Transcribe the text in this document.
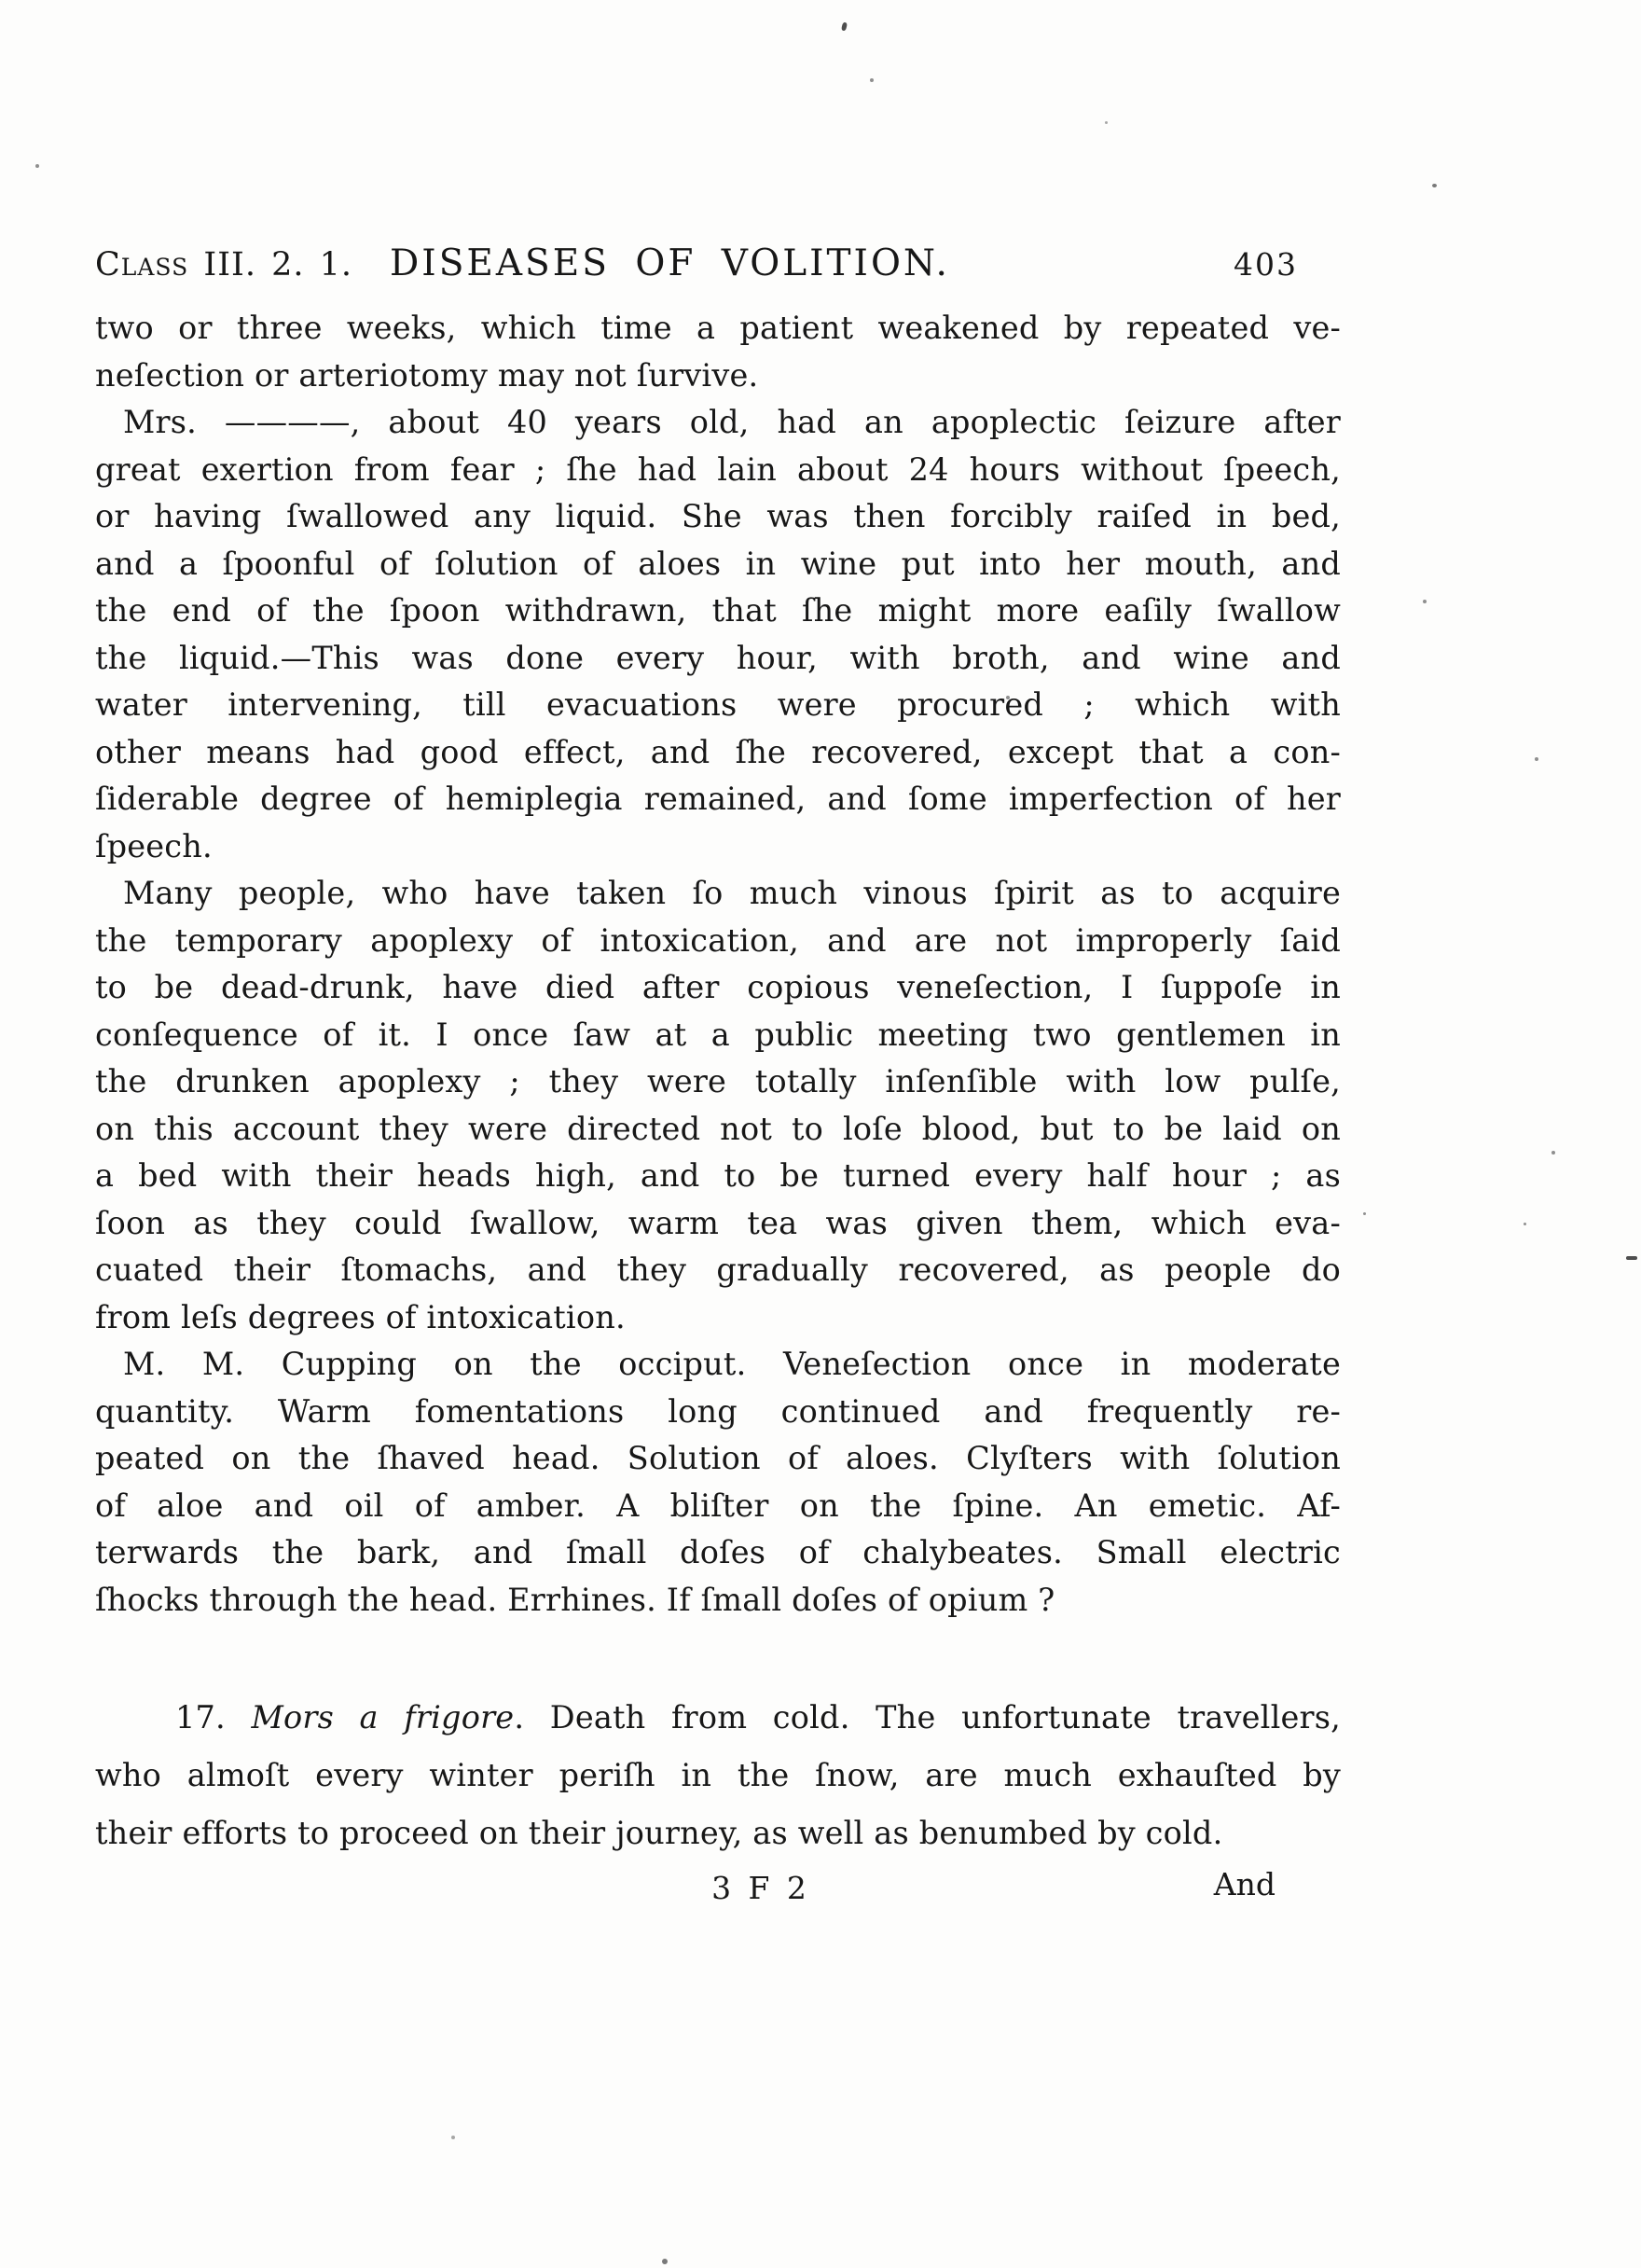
Class III. 2. 1. DISEASES OF VOLITION.	403
two or three weeks, which time a patient weakened by repeated ve-
neſection or arteriotomy may not ſurvive.
Mrs. ————, about 40 years old, had an apoplectic ſeizure after
great exertion from fear ; ſhe had lain about 24 hours without ſpeech,
or having ſwallowed any liquid. She was then forcibly raiſed in bed,
and a ſpoonful of ſolution of aloes in wine put into her mouth, and
the end of the ſpoon withdrawn, that ſhe might more eaſily ſwallow
the liquid.—This was done every hour, with broth, and wine and
water intervening, till evacuations were procured ; which with
other means had good effect, and ſhe recovered, except that a con-
ſiderable degree of hemiplegia remained, and ſome imperfection of her
ſpeech.
Many people, who have taken ſo much vinous ſpirit as to acquire
the temporary apoplexy of intoxication, and are not improperly ſaid
to be dead-drunk, have died after copious veneſection, I ſuppoſe in
conſequence of it. I once ſaw at a public meeting two gentlemen in
the drunken apoplexy ; they were totally inſenſible with low pulſe,
on this account they were directed not to loſe blood, but to be laid on
a bed with their heads high, and to be turned every half hour ; as
ſoon as they could ſwallow, warm tea was given them, which eva-
cuated their ſtomachs, and they gradually recovered, as people do
from leſs degrees of intoxication.
M. M. Cupping on the occiput. Veneſection once in moderate
quantity. Warm fomentations long continued and frequently re-
peated on the ſhaved head. Solution of aloes. Clyſters with ſolution
of aloe and oil of amber. A bliſter on the ſpine. An emetic. Af-
terwards the bark, and ſmall doſes of chalybeates. Small electric
ſhocks through the head. Errhines. If ſmall doſes of opium ?
17. Mors a frigore. Death from cold. The unfortunate travellers,
who almoſt every winter periſh in the ſnow, are much exhauſted by
their efforts to proceed on their journey, as well as benumbed by cold.
3 F 2	And
